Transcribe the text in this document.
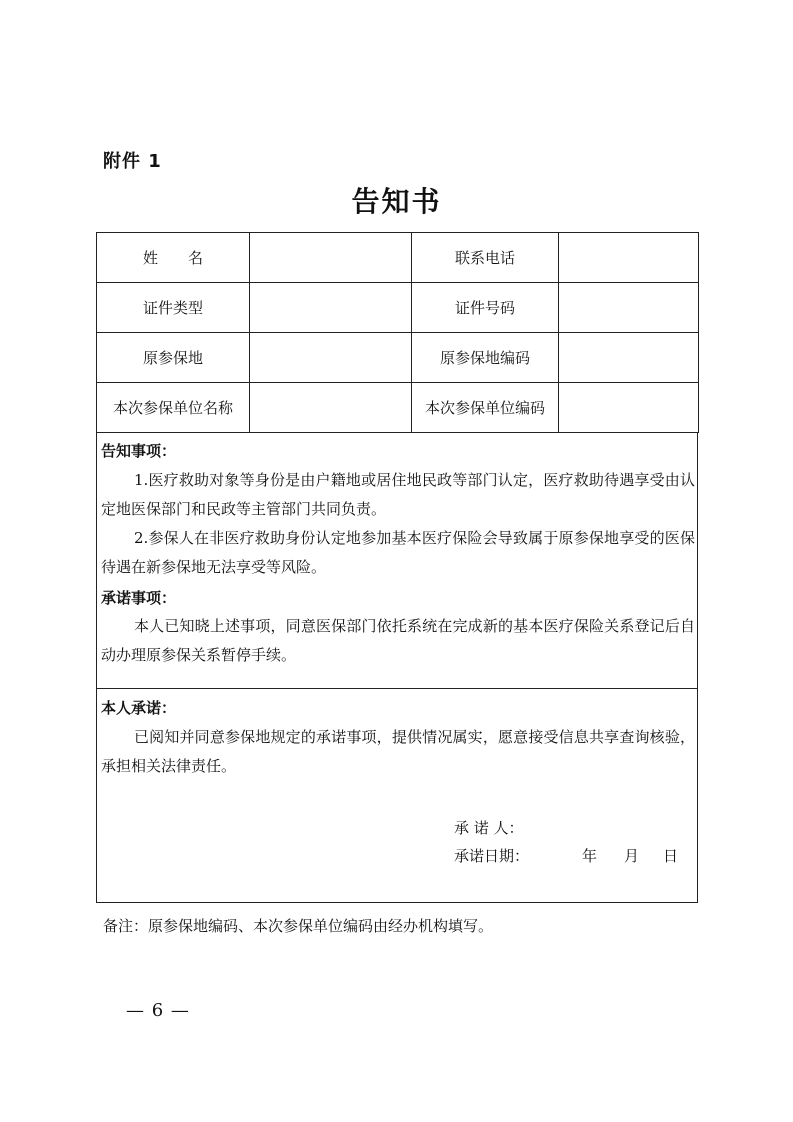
附件 1
告知书
姓名		联系电话	
证件类型		证件号码	
原参保地		原参保地编码	
本次参保单位名称		本次参保单位编码	
告知事项：
1.医疗救助对象等身份是由户籍地或居住地民政等部门认定，医疗救助待遇享受由认定地医保部门和民政等主管部门共同负责。
2.参保人在非医疗救助身份认定地参加基本医疗保险会导致属于原参保地享受的医保待遇在新参保地无法享受等风险。
承诺事项：
本人已知晓上述事项，同意医保部门依托系统在完成新的基本医疗保险关系登记后自动办理原参保关系暂停手续。
本人承诺：
已阅知并同意参保地规定的承诺事项，提供情况属实，愿意接受信息共享查询核验，承担相关法律责任。
承 诺 人：
承诺日期：	年 月 日
备注：原参保地编码、本次参保单位编码由经办机构填写。
— 6 —
